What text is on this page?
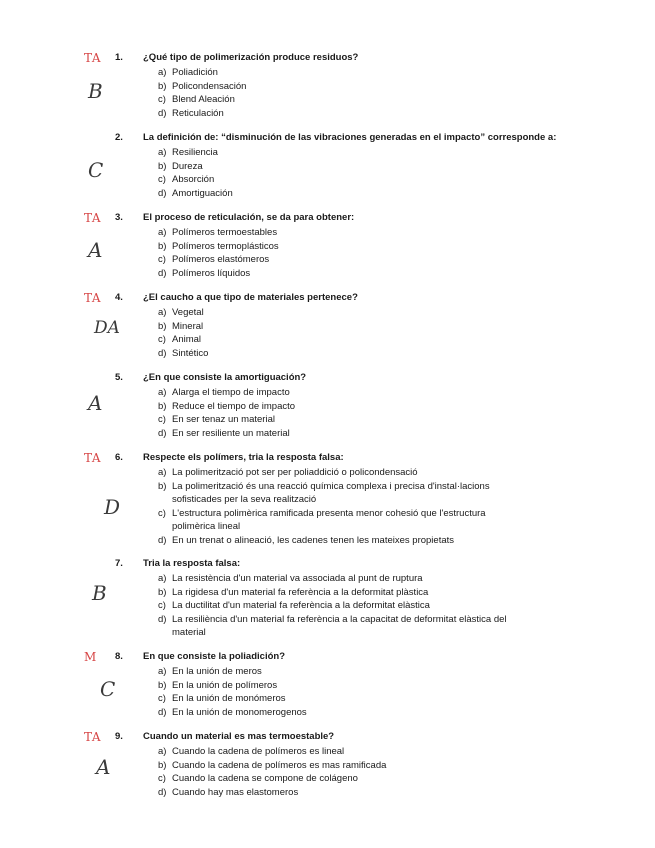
TA 1. ¿Qué tipo de polimerización produce residuos?
a) Poliadición
b) Policondensación
c) Blend Aleación
d) Reticulación
B
2. La definición de: “disminución de las vibraciones generadas en el impacto” corresponde a:
a) Resiliencia
b) Dureza
c) Absorción
d) Amortiguación
C
TA 3. El proceso de reticulación, se da para obtener:
a) Polímeros termoestables
b) Polímeros termoplásticos
c) Polímeros elastómeros
d) Polímeros líquidos
A
TA 4. ¿El caucho a que tipo de materiales pertenece?
a) Vegetal
b) Mineral
c) Animal
d) Sintético
DA
5. ¿En que consiste la amortiguación?
a) Alarga el tiempo de impacto
b) Reduce el tiempo de impacto
c) En ser tenaz un material
d) En ser resiliente un material
A
TA 6. Respecte els polímers, tria la resposta falsa:
a) La polimerització pot ser per poliaddició o policondensació
b) La polimerització és una reacció química complexa i precisa d'instal·lacions sofisticades per la seva realització
c) L'estructura polimèrica ramificada presenta menor cohesió que l'estructura polimèrica lineal
d) En un trenat o alineació, les cadenes tenen les mateixes propietats
D
7. Tria la resposta falsa:
a) La resistència d'un material va associada al punt de ruptura
b) La rigidesa d'un material fa referència a la deformitat plàstica
c) La ductilitat d'un material fa referència a la deformitat elàstica
d) La resiliència d'un material fa referència a la capacitat de deformitat elàstica del material
B
M 8. En que consiste la poliadición?
a) En la unión de meros
b) En la unión de polímeros
c) En la unión de monómeros
d) En la unión de monomerogenos
C
TA 9. Cuando un material es mas termoestable?
a) Cuando la cadena de polímeros es lineal
b) Cuando la cadena de polímeros es mas ramificada
c) Cuando la cadena se compone de colágeno
d) Cuando hay mas elastomeros
A
